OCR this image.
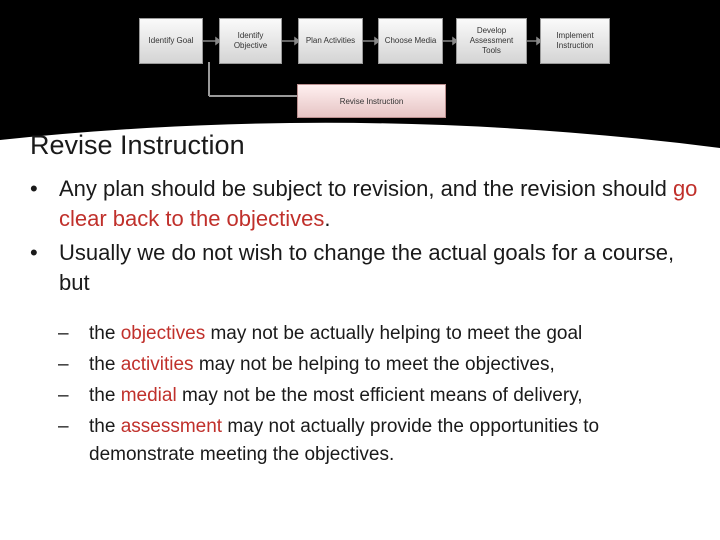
Identify Goal
Identify Objective
Plan Activities	Choose Media
Develop Assessment Tools
Implement Instruction
Revise Instruction
Revise Instruction
• Any plan should be subject to revision, and the revision should go clear back to the objectives.
• Usually we do not wish to change the actual goals for a course, but
– the objectives may not be actually helping to meet the goal
– the activities may not be helping to meet the objectives,
– the medial may not be the most efficient means of delivery,
– the assessment may not actually provide the opportunities to demonstrate meeting the objectives.
